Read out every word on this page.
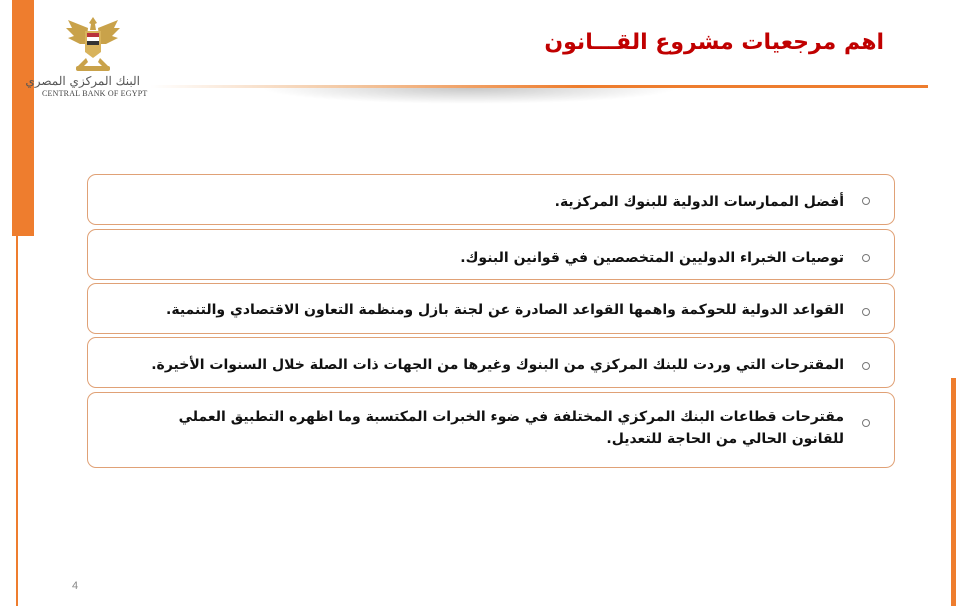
البنك المركزي المصري
CENTRAL BANK OF EGYPT
اهم مرجعيات مشروع القـــانون
أفضل الممارسات الدولية للبنوك المركزية.
توصيات الخبراء الدوليين المتخصصين في قوانين البنوك.
القواعد الدولية للحوكمة واهمها القواعد الصادرة عن لجنة بازل ومنظمة التعاون الاقتصادي والتنمية.
المقترحات التي وردت للبنك المركزي من البنوك وغيرها من الجهات ذات الصلة خلال السنوات الأخيرة.
مقترحات قطاعات البنك المركزي المختلفة في ضوء الخبرات المكتسبة وما اظهره التطبيق العملي للقانون الحالي من الحاجة للتعديل.
4
